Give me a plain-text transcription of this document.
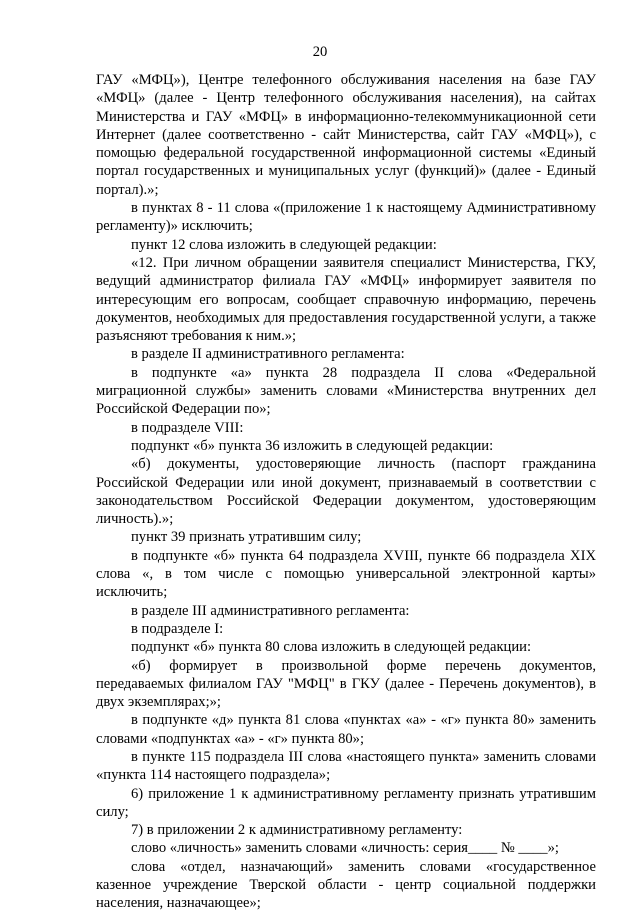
20

ГАУ «МФЦ»), Центре телефонного обслуживания населения на базе ГАУ «МФЦ» (далее - Центр телефонного обслуживания населения), на сайтах Министерства и ГАУ «МФЦ» в информационно-телекоммуникационной сети Интернет (далее соответственно - сайт Министерства, сайт ГАУ «МФЦ»), с помощью федеральной государственной информационной системы «Единый портал государственных и муниципальных услуг (функций)» (далее - Единый портал).»;

в пунктах 8 - 11 слова «(приложение 1 к настоящему Административному регламенту)» исключить;

пункт 12 слова изложить в следующей редакции:

«12. При личном обращении заявителя специалист Министерства, ГКУ, ведущий администратор филиала ГАУ «МФЦ» информирует заявителя по интересующим его вопросам, сообщает справочную информацию, перечень документов, необходимых для предоставления государственной услуги, а также разъясняют требования к ним.»;

в разделе II административного регламента:

в подпункте «а» пункта 28 подраздела II слова «Федеральной миграционной службы» заменить словами «Министерства внутренних дел Российской Федерации по»;

в подразделе VIII:

подпункт «б» пункта 36 изложить в следующей редакции:

«б) документы, удостоверяющие личность (паспорт гражданина Российской Федерации или иной документ, признаваемый в соответствии с законодательством Российской Федерации документом, удостоверяющим личность).»;

пункт 39 признать утратившим силу;

в подпункте «б» пункта 64 подраздела XVIII, пункте 66 подраздела XIX слова «, в том числе с помощью универсальной электронной карты» исключить;

в разделе III административного регламента:

в подразделе I:

подпункт «б» пункта 80 слова изложить в следующей редакции:

«б) формирует в произвольной форме перечень документов, передаваемых филиалом ГАУ "МФЦ" в ГКУ (далее - Перечень документов), в двух экземплярах;»;

в подпункте «д» пункта 81 слова «пунктах «а» - «г» пункта 80» заменить словами «подпунктах «а» - «г» пункта 80»;

в пункте 115 подраздела III слова «настоящего пункта» заменить словами «пункта 114 настоящего подраздела»;

6) приложение 1 к административному регламенту признать утратившим силу;

7) в приложении 2 к административному регламенту:

слово «личность» заменить словами «личность: серия____ № ____»;

слова «отдел, назначающий» заменить словами «государственное казенное учреждение Тверской области - центр социальной поддержки населения, назначающее»;
